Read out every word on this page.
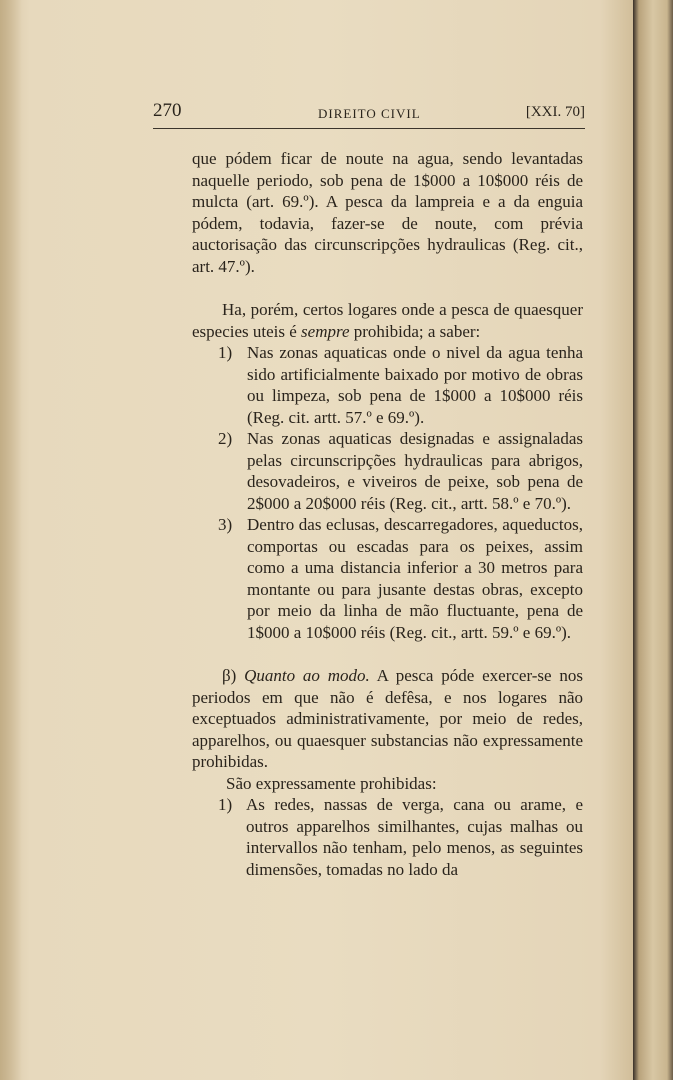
270	DIREITO CIVIL	[XXI. 70]

que pódem ficar de noute na agua, sendo levantadas naquelle periodo, sob pena de 1$000 a 10$000 réis de mulcta (art. 69.º). A pesca da lampreia e a da enguia pódem, todavia, fazer-se de noute, com prévia auctorisação das circunscripções hydraulicas (Reg. cit., art. 47.º).

Ha, porém, certos logares onde a pesca de quaesquer especies uteis é sempre prohibida; a saber:

1) Nas zonas aquaticas onde o nivel da agua tenha sido artificialmente baixado por motivo de obras ou limpeza, sob pena de 1$000 a 10$000 réis (Reg. cit. artt. 57.º e 69.º).

2) Nas zonas aquaticas designadas e assignaladas pelas circunscripções hydraulicas para abrigos, desovadeiros, e viveiros de peixe, sob pena de 2$000 a 20$000 réis (Reg. cit., artt. 58.º e 70.º).

3) Dentro das eclusas, descarregadores, aqueductos, comportas ou escadas para os peixes, assim como a uma distancia inferior a 30 metros para montante ou para jusante destas obras, excepto por meio da linha de mão fluctuante, pena de 1$000 a 10$000 réis (Reg. cit., artt. 59.º e 69.º).

β) Quanto ao modo. A pesca póde exercer-se nos periodos em que não é defêsa, e nos logares não exceptuados administrativamente, por meio de redes, apparelhos, ou quaesquer substancias não expressamente prohibidas.

São expressamente prohibidas:

1) As redes, nassas de verga, cana ou arame, e outros apparelhos similhantes, cujas malhas ou intervallos não tenham, pelo menos, as seguintes dimensões, tomadas no lado da
